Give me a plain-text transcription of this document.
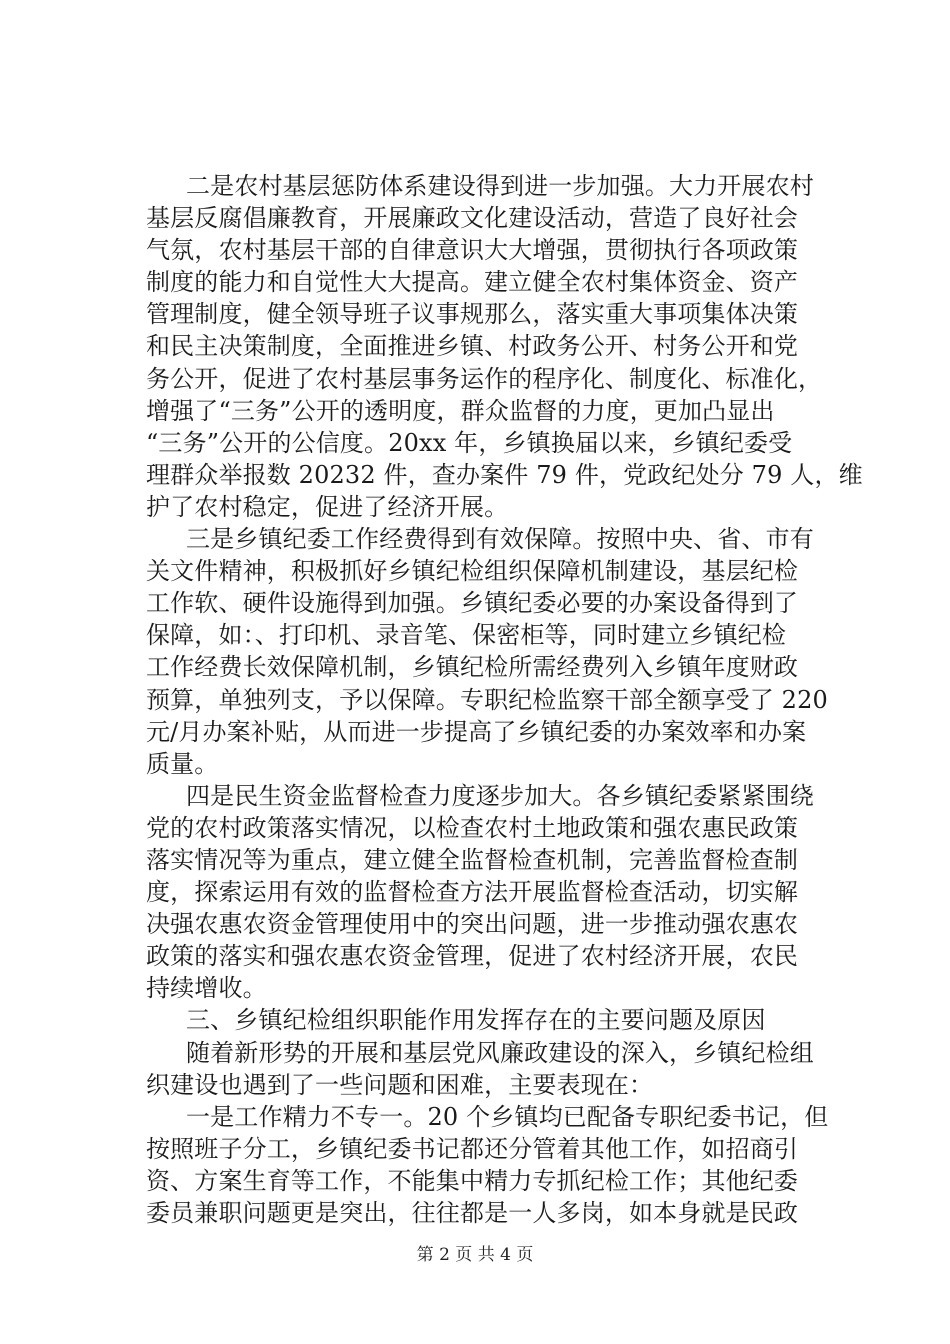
二是农村基层惩防体系建设得到进一步加强。大力开展农村
基层反腐倡廉教育，开展廉政文化建设活动，营造了良好社会
气氛，农村基层干部的自律意识大大增强，贯彻执行各项政策
制度的能力和自觉性大大提高。建立健全农村集体资金、资产
管理制度，健全领导班子议事规那么，落实重大事项集体决策
和民主决策制度，全面推进乡镇、村政务公开、村务公开和党
务公开，促进了农村基层事务运作的程序化、制度化、标准化，
增强了“三务”公开的透明度，群众监督的力度，更加凸显出
“三务”公开的公信度。20xx 年，乡镇换届以来，乡镇纪委受
理群众举报数 20232 件，查办案件 79 件，党政纪处分 79 人，维
护了农村稳定，促进了经济开展。
三是乡镇纪委工作经费得到有效保障。按照中央、省、市有
关文件精神，积极抓好乡镇纪检组织保障机制建设，基层纪检
工作软、硬件设施得到加强。乡镇纪委必要的办案设备得到了
保障，如：、打印机、录音笔、保密柜等，同时建立乡镇纪检
工作经费长效保障机制，乡镇纪检所需经费列入乡镇年度财政
预算，单独列支，予以保障。专职纪检监察干部全额享受了 220
元/月办案补贴，从而进一步提高了乡镇纪委的办案效率和办案
质量。
四是民生资金监督检查力度逐步加大。各乡镇纪委紧紧围绕
党的农村政策落实情况，以检查农村土地政策和强农惠民政策
落实情况等为重点，建立健全监督检查机制，完善监督检查制
度，探索运用有效的监督检查方法开展监督检查活动，切实解
决强农惠农资金管理使用中的突出问题，进一步推动强农惠农
政策的落实和强农惠农资金管理，促进了农村经济开展，农民
持续增收。
三、乡镇纪检组织职能作用发挥存在的主要问题及原因
随着新形势的开展和基层党风廉政建设的深入，乡镇纪检组
织建设也遇到了一些问题和困难，主要表现在：
一是工作精力不专一。20 个乡镇均已配备专职纪委书记，但
按照班子分工，乡镇纪委书记都还分管着其他工作，如招商引
资、方案生育等工作，不能集中精力专抓纪检工作；其他纪委
委员兼职问题更是突出，往往都是一人多岗，如本身就是民政
第 2 页 共 4 页
